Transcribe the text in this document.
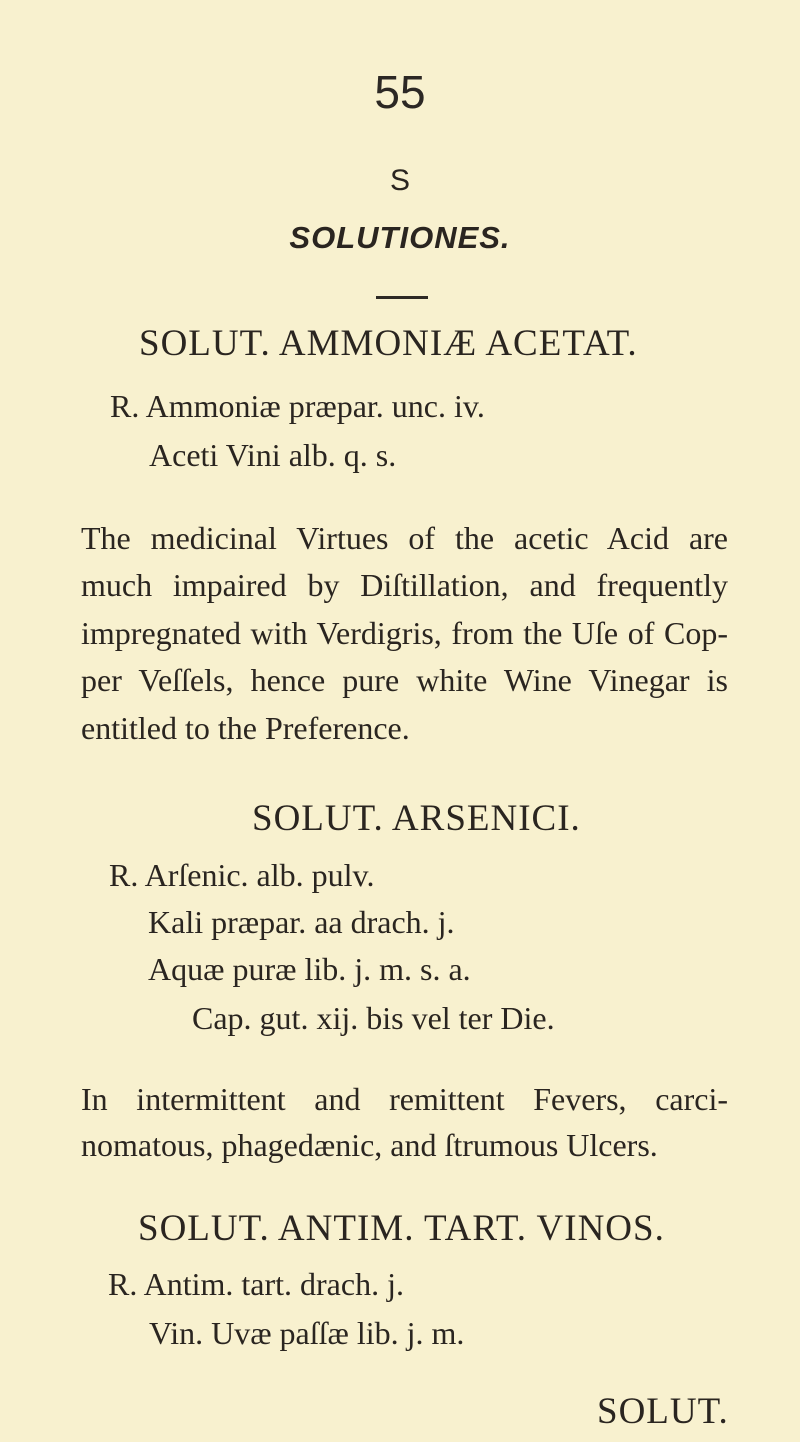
55
S
SOLUTIONES.
SOLUT. AMMONIÆ ACETAT.
R. Ammoniæ præpar. unc. iv.
Aceti Vini alb. q. s.
The medicinal Virtues of the acetic Acid are
much impaired by Diſtillation, and frequently
impregnated with Verdigris, from the Uſe of Cop-
per Veſſels, hence pure white Wine Vinegar is
entitled to the Preference.
SOLUT. ARSENICI.
R. Arſenic. alb. pulv.
Kali præpar. aa drach. j.
Aquæ puræ lib. j. m. s. a.
Cap. gut. xij. bis vel ter Die.
In intermittent and remittent Fevers, carci-
nomatous, phagedænic, and ſtrumous Ulcers.
SOLUT. ANTIM. TART. VINOS.
R. Antim. tart. drach. j.
Vin. Uvæ paſſæ lib. j. m.
SOLUT.
